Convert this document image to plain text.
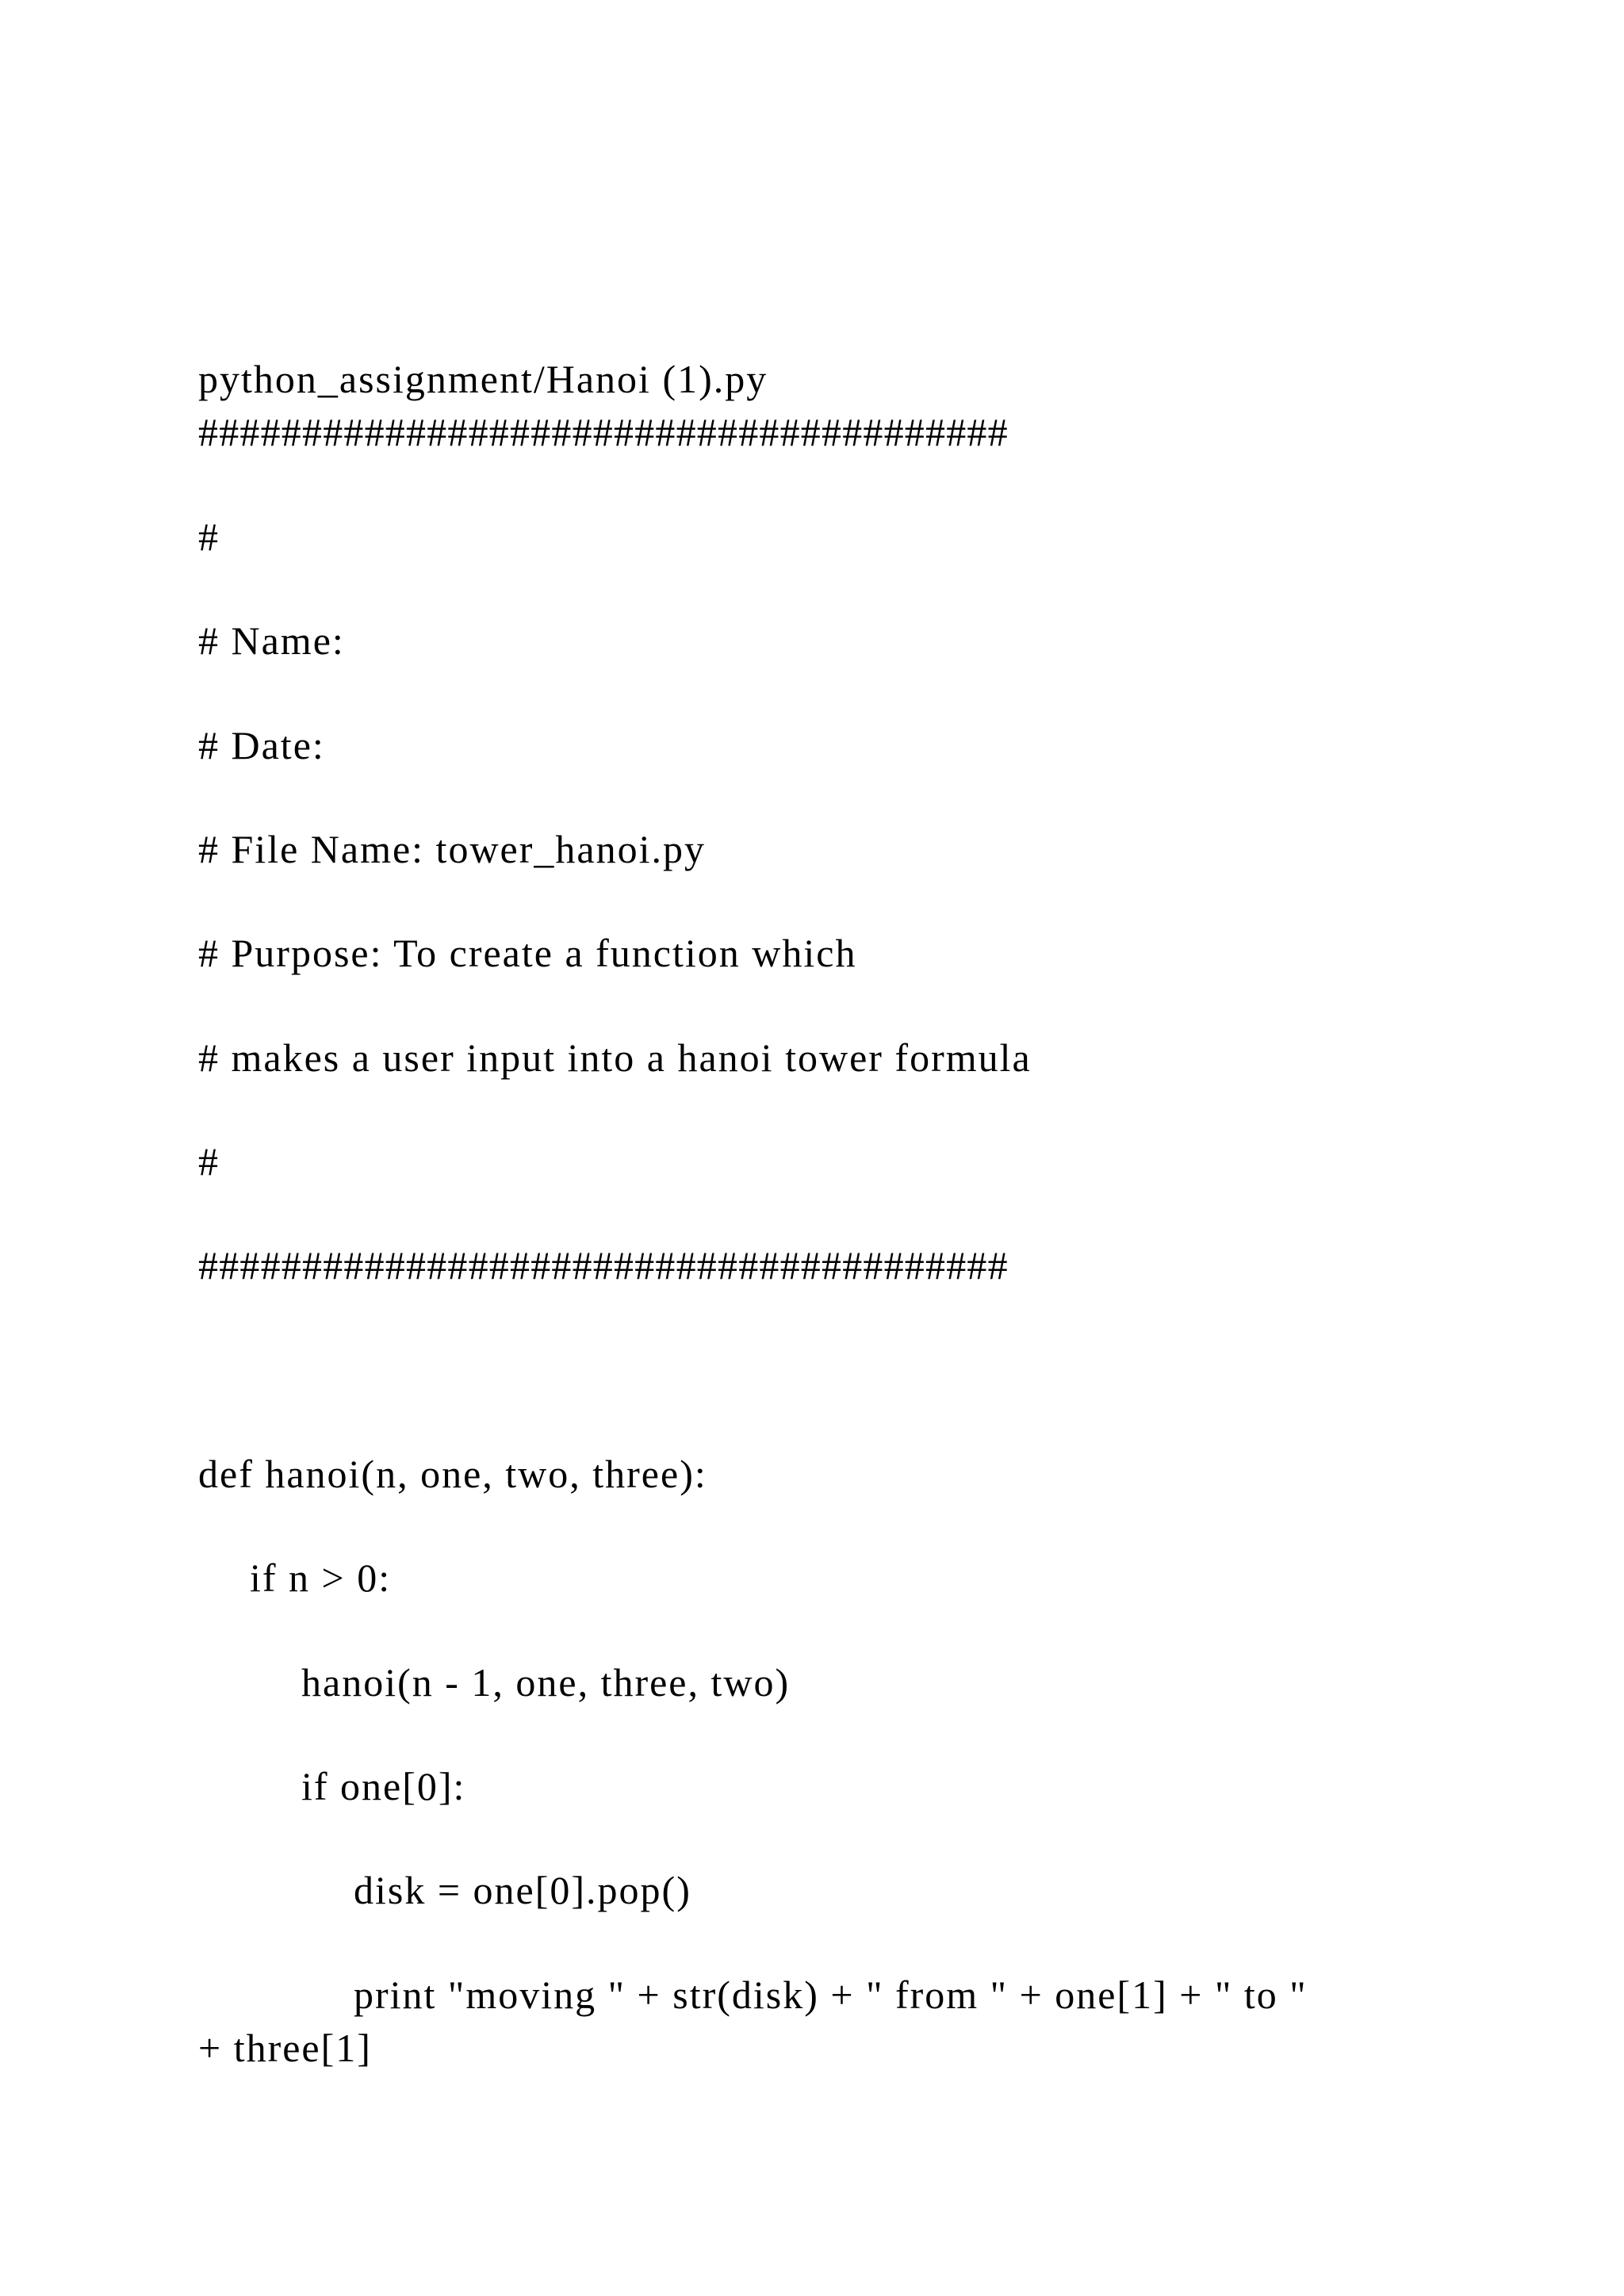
python_assignment/Hanoi (1).py
#######################################
#
# Name:
# Date:
# File Name: tower_hanoi.py
# Purpose: To create a function which
# makes a user input into a hanoi tower formula
#
#######################################
def hanoi(n, one, two, three):
if n > 0:
hanoi(n - 1, one, three, two)
if one[0]:
disk = one[0].pop()
print "moving " + str(disk) + " from " + one[1] + " to "
+ three[1]
